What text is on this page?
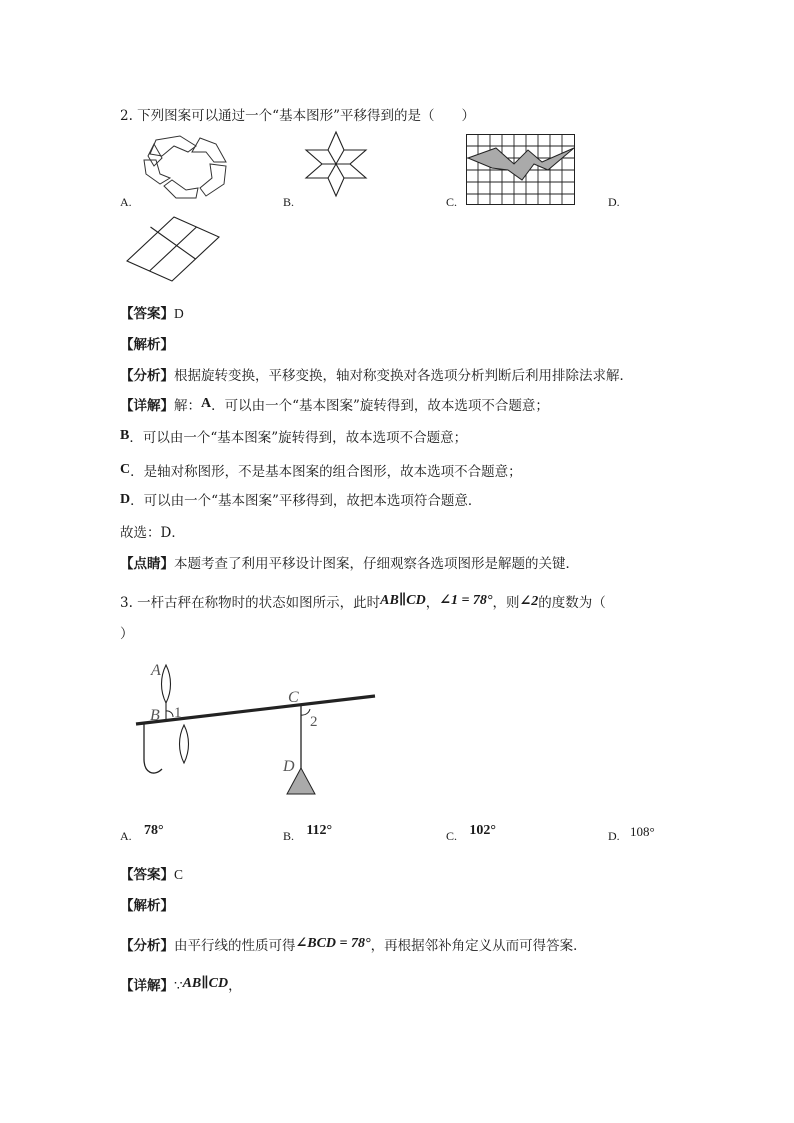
2. 下列图案可以通过一个“基本图形”平移得到的是（　　）
A.	B.	C.	D.
【答案】D
【解析】
【分析】根据旋转变换，平移变换，轴对称变换对各选项分析判断后利用排除法求解．
【详解】解：A．可以由一个“基本图案”旋转得到，故本选项不合题意；
B．可以由一个“基本图案”旋转得到，故本选项不合题意；
C．是轴对称图形，不是基本图案的组合图形，故本选项不合题意；
D．可以由一个“基本图案”平移得到，故把本选项符合题意．
故选：D．
【点睛】本题考查了利用平移设计图案，仔细观察各选项图形是解题的关键．
3. 一杆古秤在称物时的状态如图所示，此时AB∥CD，∠1 = 78°，则∠2的度数为（
）
A
B
C
D
1
2
A. 78°	B. 112°	C. 102°	D. 108°
【答案】C
【解析】
【分析】由平行线的性质可得∠BCD = 78°，再根据邻补角定义从而可得答案．
【详解】∵AB∥CD，
